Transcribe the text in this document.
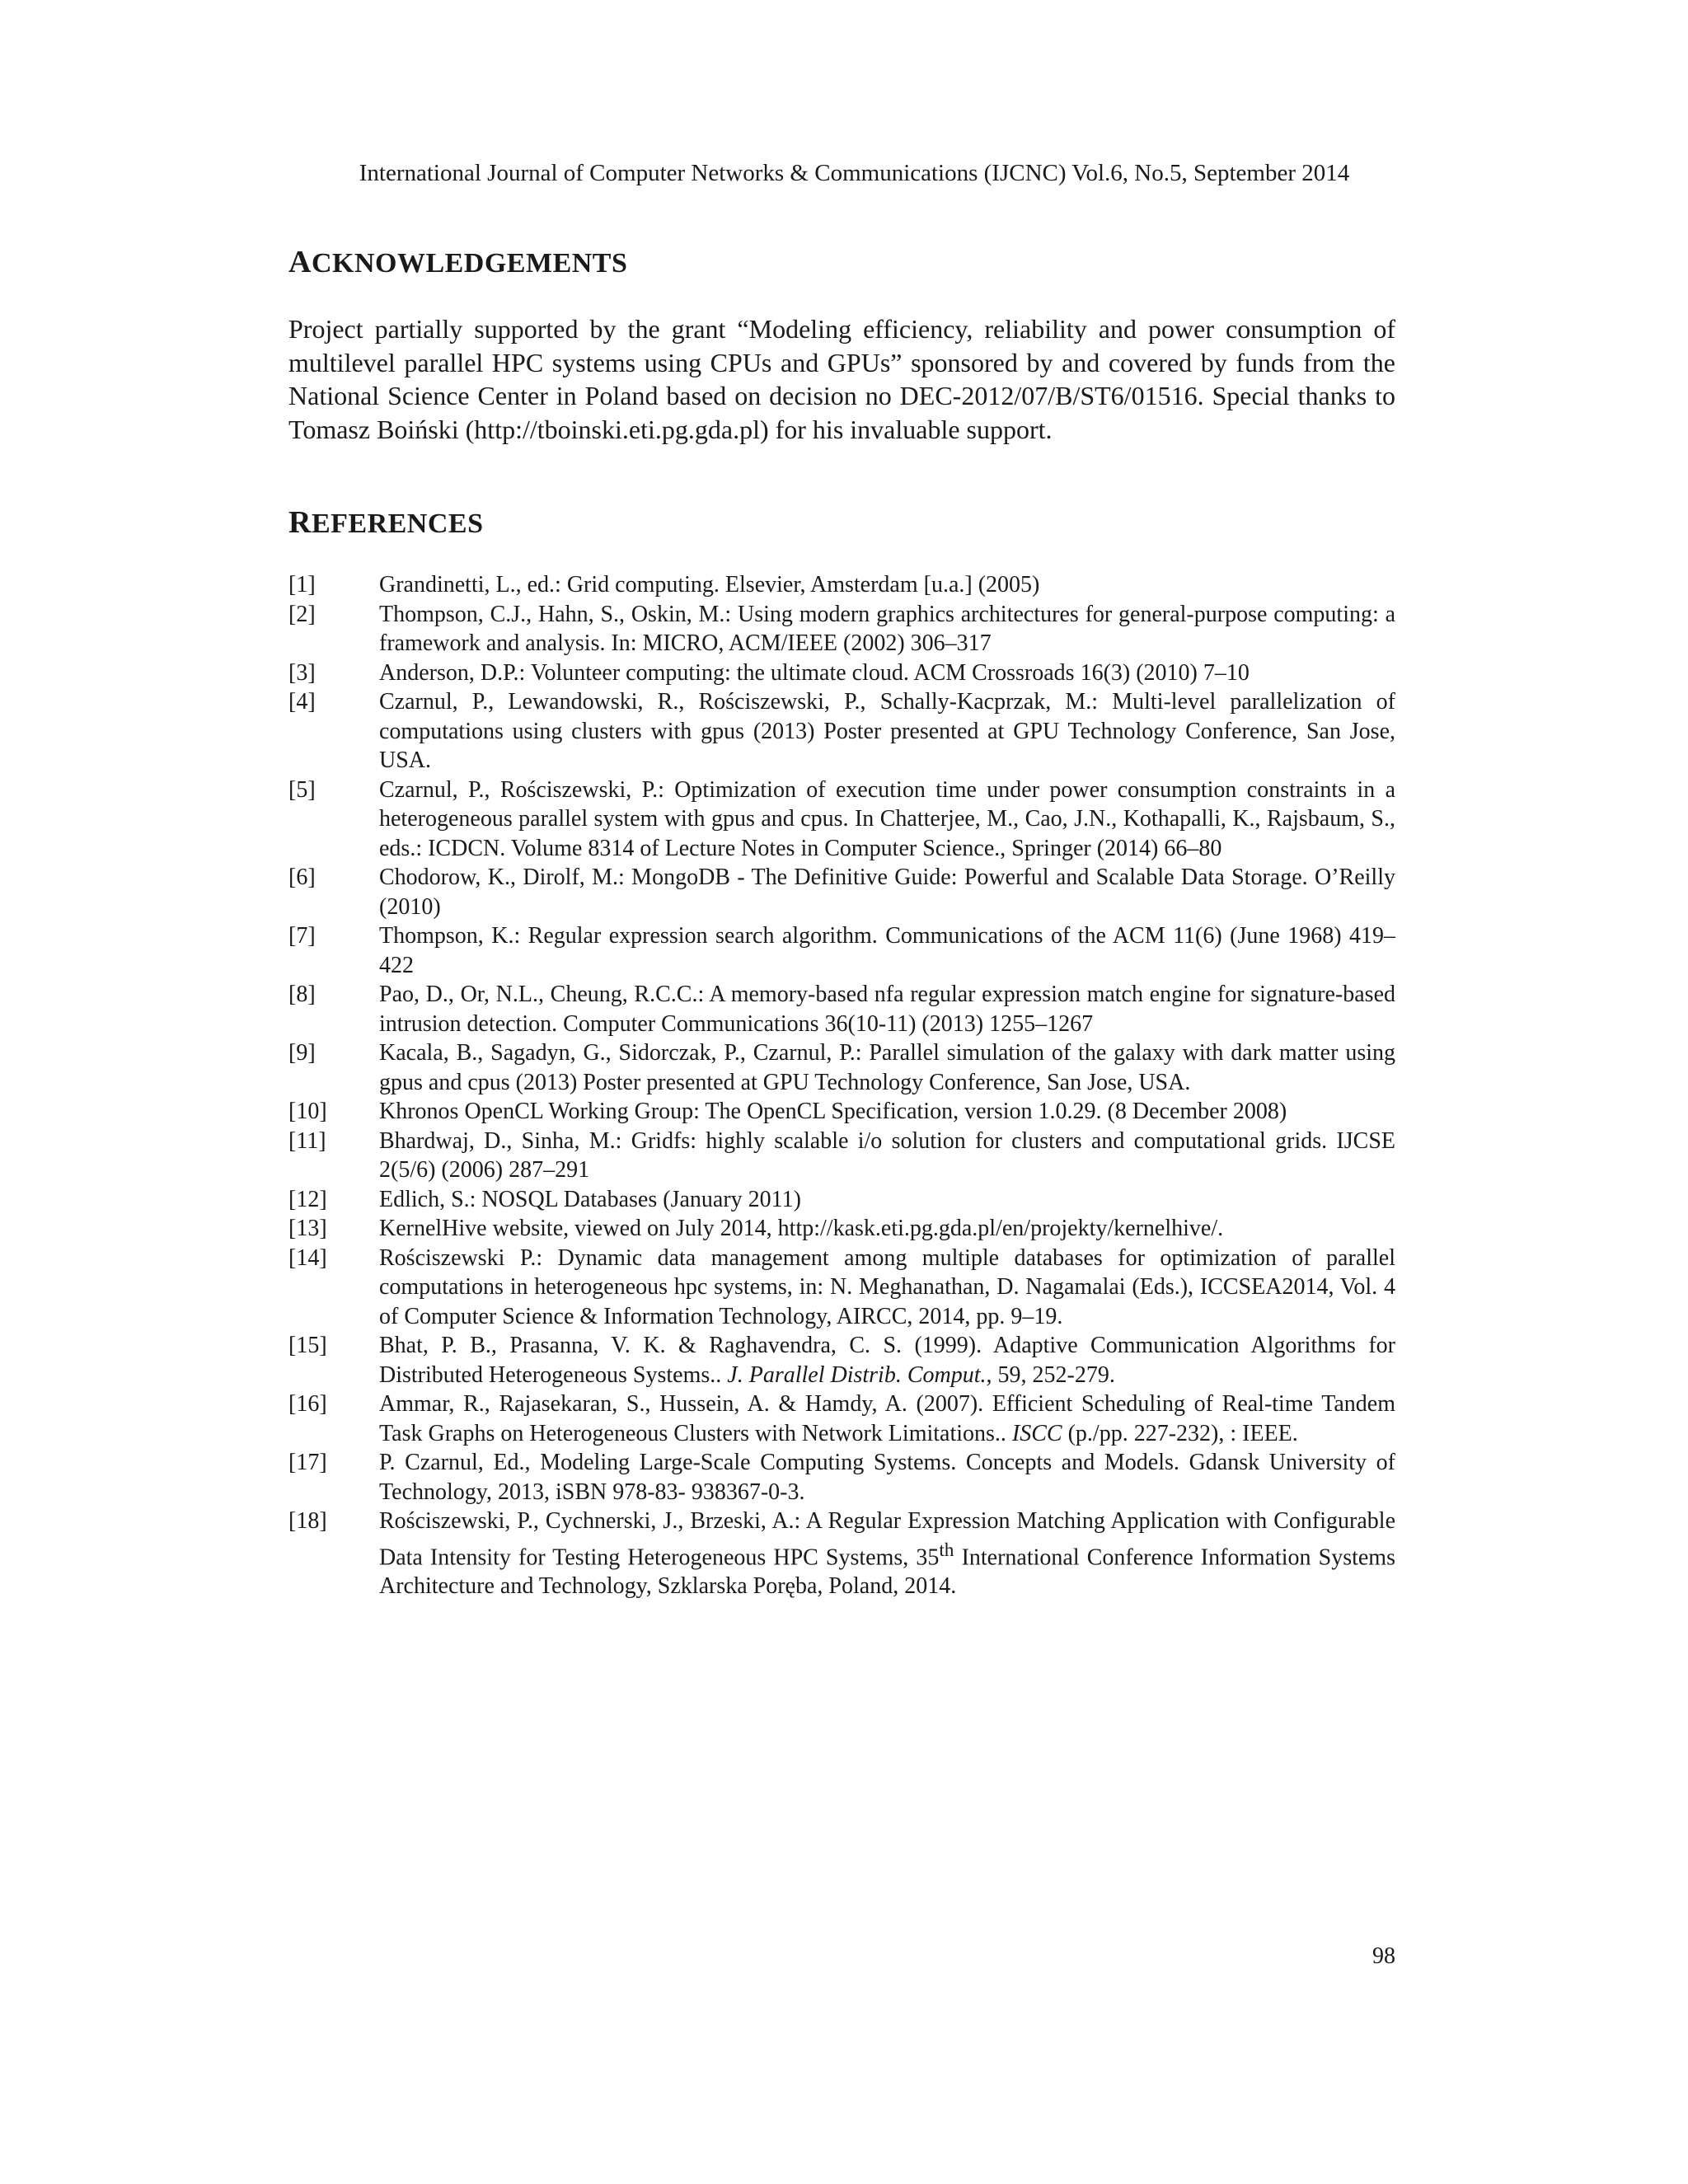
International Journal of Computer Networks & Communications (IJCNC) Vol.6, No.5, September 2014
ACKNOWLEDGEMENTS

Project partially supported by the grant “Modeling efficiency, reliability and power consumption of multilevel parallel HPC systems using CPUs and GPUs” sponsored by and covered by funds from the National Science Center in Poland based on decision no DEC-2012/07/B/ST6/01516. Special thanks to Tomasz Boiński (http://tboinski.eti.pg.gda.pl) for his invaluable support.

REFERENCES
[1]	Grandinetti, L., ed.: Grid computing. Elsevier, Amsterdam [u.a.] (2005)
[2]	Thompson, C.J., Hahn, S., Oskin, M.: Using modern graphics architectures for general-purpose computing: a framework and analysis. In: MICRO, ACM/IEEE (2002) 306–317
[3]	Anderson, D.P.: Volunteer computing: the ultimate cloud. ACM Crossroads 16(3) (2010) 7–10
[4]	Czarnul, P., Lewandowski, R., Rościszewski, P., Schally-Kacprzak, M.: Multi-level parallelization of computations using clusters with gpus (2013) Poster presented at GPU Technology Conference, San Jose, USA.
[5]	Czarnul, P., Rościszewski, P.: Optimization of execution time under power consumption constraints in a heterogeneous parallel system with gpus and cpus. In Chatterjee, M., Cao, J.N., Kothapalli, K., Rajsbaum, S., eds.: ICDCN. Volume 8314 of Lecture Notes in Computer Science., Springer (2014) 66–80
[6]	Chodorow, K., Dirolf, M.: MongoDB - The Definitive Guide: Powerful and Scalable Data Storage. O’Reilly (2010)
[7]	Thompson, K.: Regular expression search algorithm. Communications of the ACM 11(6) (June 1968) 419–422
[8]	Pao, D., Or, N.L., Cheung, R.C.C.: A memory-based nfa regular expression match engine for signature-based intrusion detection. Computer Communications 36(10-11) (2013) 1255–1267
[9]	Kacala, B., Sagadyn, G., Sidorczak, P., Czarnul, P.: Parallel simulation of the galaxy with dark matter using gpus and cpus (2013) Poster presented at GPU Technology Conference, San Jose, USA.
[10]	Khronos OpenCL Working Group: The OpenCL Specification, version 1.0.29. (8 December 2008)
[11]	Bhardwaj, D., Sinha, M.: Gridfs: highly scalable i/o solution for clusters and computational grids. IJCSE 2(5/6) (2006) 287–291
[12]	Edlich, S.: NOSQL Databases (January 2011)
[13]	KernelHive website, viewed on July 2014, http://kask.eti.pg.gda.pl/en/projekty/kernelhive/.
[14]	Rościszewski P.: Dynamic data management among multiple databases for optimization of parallel computations in heterogeneous hpc systems, in: N. Meghanathan, D. Nagamalai (Eds.), ICCSEA2014, Vol. 4 of Computer Science & Information Technology, AIRCC, 2014, pp. 9–19.
[15]	Bhat, P. B., Prasanna, V. K. & Raghavendra, C. S. (1999). Adaptive Communication Algorithms for Distributed Heterogeneous Systems.. J. Parallel Distrib. Comput., 59, 252-279.
[16]	Ammar, R., Rajasekaran, S., Hussein, A. & Hamdy, A. (2007). Efficient Scheduling of Real-time Tandem Task Graphs on Heterogeneous Clusters with Network Limitations.. ISCC (p./pp. 227-232), : IEEE.
[17]	P. Czarnul, Ed., Modeling Large-Scale Computing Systems. Concepts and Models. Gdansk University of Technology, 2013, iSBN 978-83- 938367-0-3.
[18]	Rościszewski, P., Cychnerski, J., Brzeski, A.: A Regular Expression Matching Application with Configurable Data Intensity for Testing Heterogeneous HPC Systems, 35th International Conference Information Systems Architecture and Technology, Szklarska Poręba, Poland, 2014.
98
